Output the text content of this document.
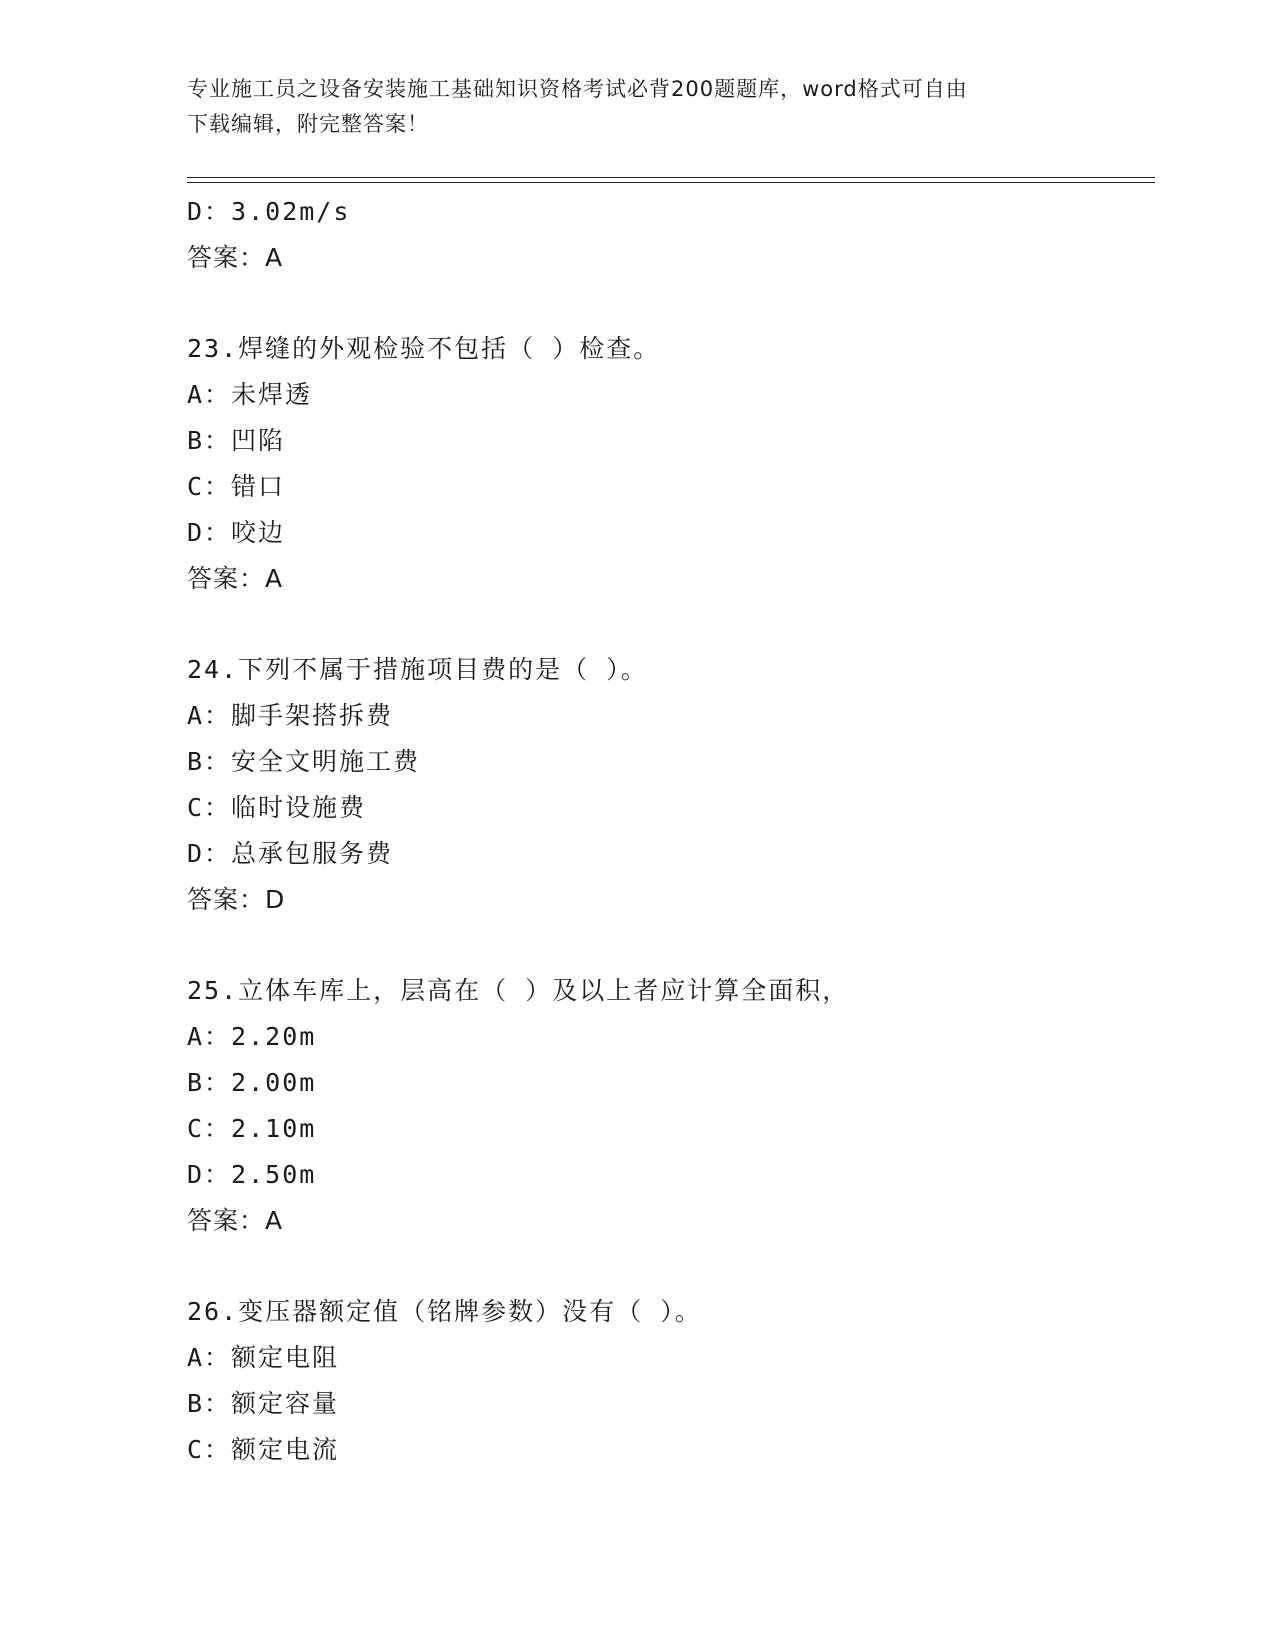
专业施工员之设备安装施工基础知识资格考试必背200题题库，word格式可自由
下载编辑，附完整答案！
D：3.02m/s
答案：A
23.焊缝的外观检验不包括（ ）检查。
A：未焊透
B：凹陷
C：错口
D：咬边
答案：A
24.下列不属于措施项目费的是（ ）。
A：脚手架搭拆费
B：安全文明施工费
C：临时设施费
D：总承包服务费
答案：D
25.立体车库上，层高在（ ）及以上者应计算全面积，
A：2.20m
B：2.00m
C：2.10m
D：2.50m
答案：A
26.变压器额定值（铭牌参数）没有（ ）。
A：额定电阻
B：额定容量
C：额定电流
